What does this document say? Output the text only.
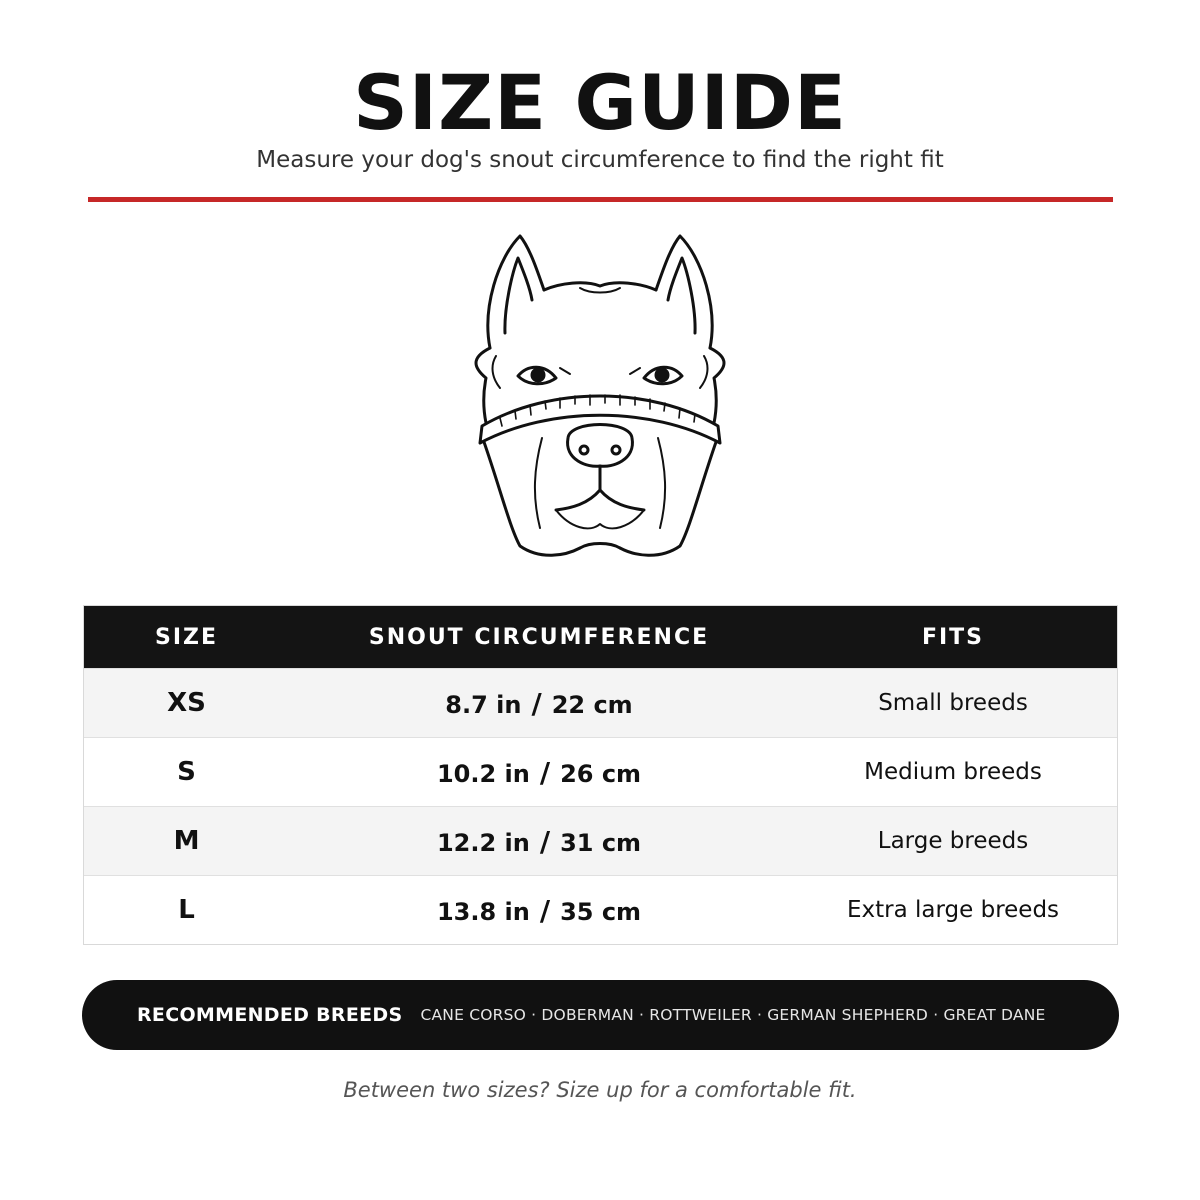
SIZE GUIDE
Measure your dog's snout circumference to find the right fit
SIZE	SNOUT CIRCUMFERENCE	FITS
XS	8.7 in / 22 cm	Small breeds
S	10.2 in / 26 cm	Medium breeds
M	12.2 in / 31 cm	Large breeds
L	13.8 in / 35 cm	Extra large breeds
RECOMMENDED BREEDS CANE CORSO · DOBERMAN · ROTTWEILER · GERMAN SHEPHERD · GREAT DANE
Between two sizes? Size up for a comfortable fit.
